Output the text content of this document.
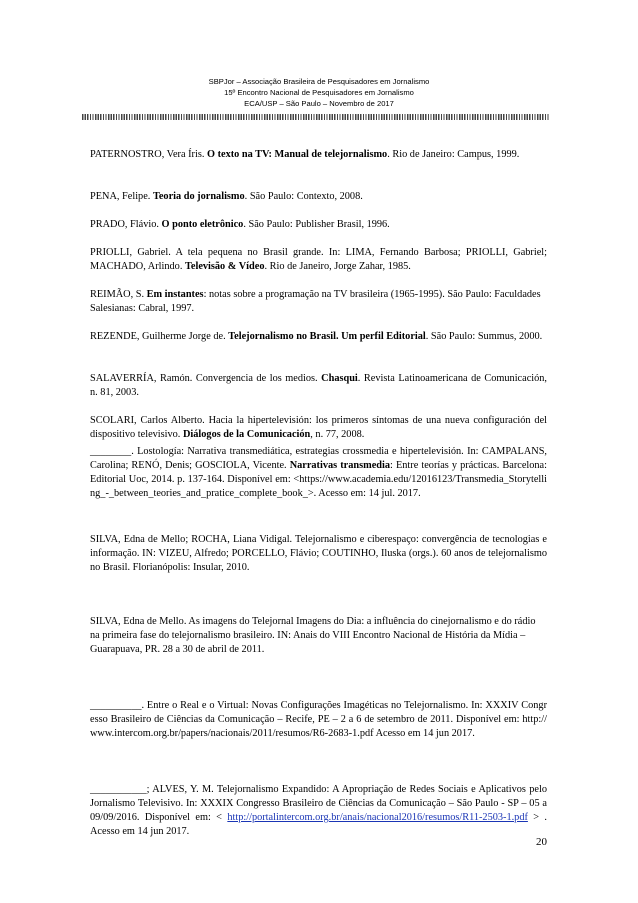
SBPJor – Associação Brasileira de Pesquisadores em Jornalismo
15º Encontro Nacional de Pesquisadores em Jornalismo
ECA/USP – São Paulo – Novembro de 2017

PATERNOSTRO, Vera Íris. O texto na TV: Manual de telejornalismo. Rio de Janeiro: Campus, 1999.

PENA, Felipe. Teoria do jornalismo. São Paulo: Contexto, 2008.

PRADO, Flávio. O ponto eletrônico. São Paulo: Publisher Brasil, 1996.

PRIOLLI, Gabriel. A tela pequena no Brasil grande. In: LIMA, Fernando Barbosa; PRIOLLI, Gabriel; MACHADO, Arlindo. Televisão & Vídeo. Rio de Janeiro, Jorge Zahar, 1985.

REIMÃO, S. Em instantes: notas sobre a programação na TV brasileira (1965-1995). São Paulo: Faculdades Salesianas: Cabral, 1997.

REZENDE, Guilherme Jorge de. Telejornalismo no Brasil. Um perfil Editorial. São Paulo: Summus, 2000.

SALAVERRÍA, Ramón. Convergencia de los medios. Chasqui. Revista Latinoamericana de Comunicación, n. 81, 2003.

SCOLARI, Carlos Alberto. Hacia la hipertelevisión: los primeros síntomas de una nueva configuración del dispositivo televisivo. Diálogos de la Comunicación, n. 77, 2008.

________. Lostología: Narrativa transmediática, estrategias crossmedia e hipertelevisión. In: CAMPALANS, Carolina; RENÓ, Denis; GOSCIOLA, Vicente. Narrativas transmedia: Entre teorías y prácticas. Barcelona: Editorial Uoc, 2014. p. 137-164. Disponível em: <https://www.academia.edu/12016123/Transmedia_Storytelling_-_between_teories_and_pratice_complete_book_>. Acesso em: 14 jul. 2017.

SILVA, Edna de Mello; ROCHA, Liana Vidigal. Telejornalismo e ciberespaço: convergência de tecnologias e informação. IN: VIZEU, Alfredo; PORCELLO, Flávio; COUTINHO, Iluska (orgs.). 60 anos de telejornalismo no Brasil. Florianópolis: Insular, 2010.

SILVA, Edna de Mello. As imagens do Telejornal Imagens do Dia: a influência do cinejornalismo e do rádio na primeira fase do telejornalismo brasileiro. IN: Anais do VIII Encontro Nacional de História da Mídia – Guarapuava, PR. 28 a 30 de abril de 2011.

__________. Entre o Real e o Virtual: Novas Configurações Imagéticas no Telejornalismo. In: XXXIV Congresso Brasileiro de Ciências da Comunicação – Recife, PE – 2 a 6 de setembro de 2011. Disponível em: http://www.intercom.org.br/papers/nacionais/2011/resumos/R6-2683-1.pdf Acesso em 14 jun 2017.

___________; ALVES, Y. M. Telejornalismo Expandido: A Apropriação de Redes Sociais e Aplicativos pelo Jornalismo Televisivo. In: XXXIX Congresso Brasileiro de Ciências da Comunicação – São Paulo - SP – 05 a 09/09/2016. Disponível em: < http://portalintercom.org.br/anais/nacional2016/resumos/R11-2503-1.pdf > . Acesso em 14 jun 2017.

20
